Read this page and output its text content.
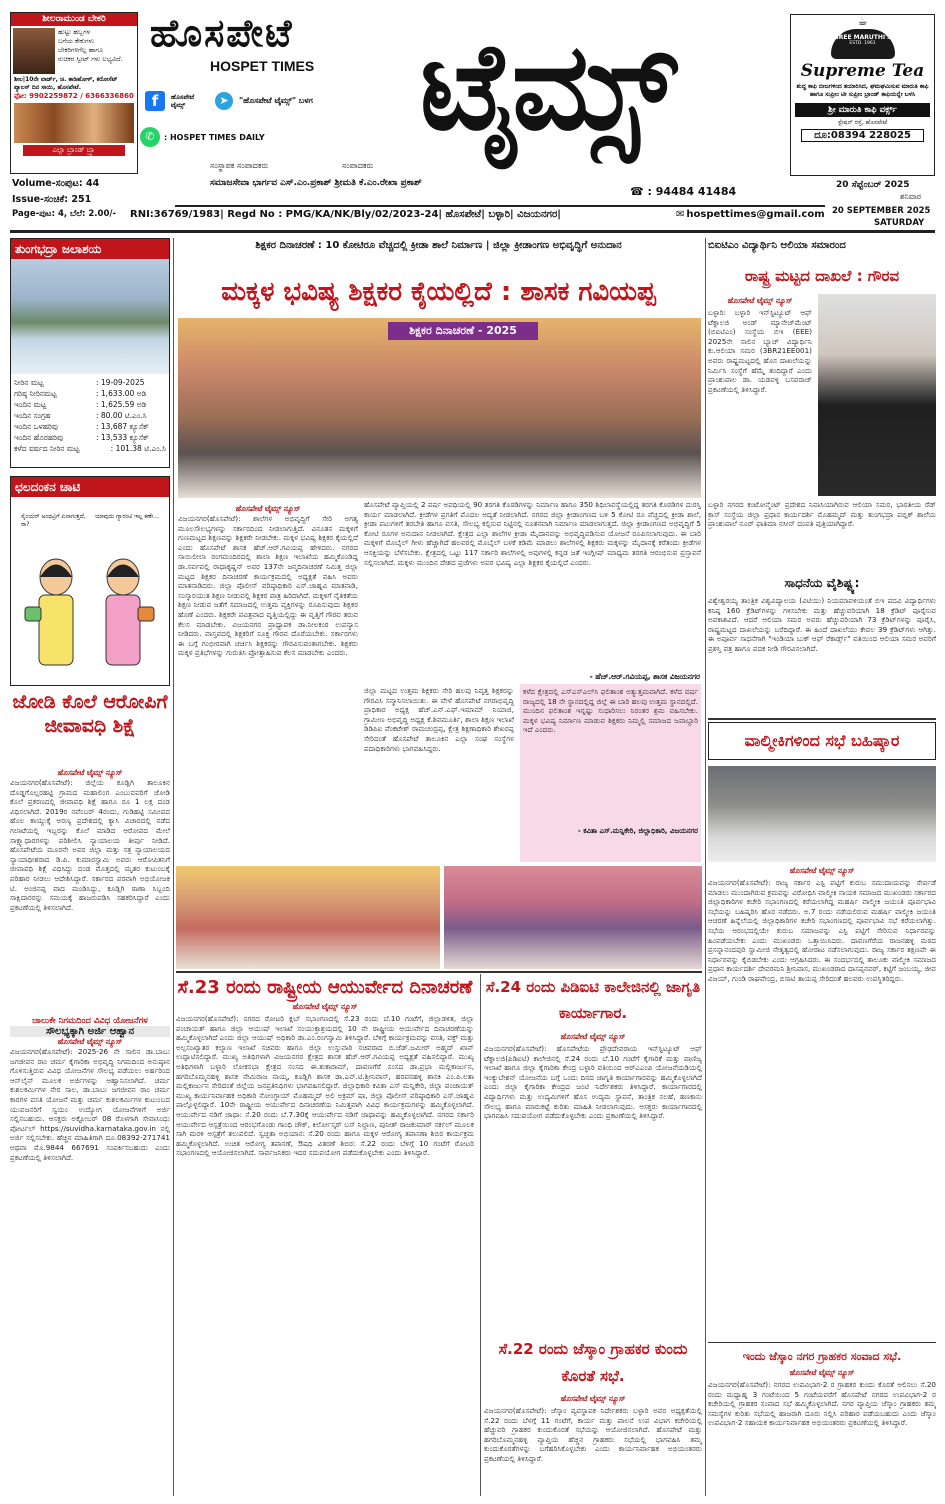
ಶೀಲರಾಮುಂಡ ಬೇಕರಿ
ಹುಟ್ಟು ಹಬ್ಬಗಳ
ಬಗೆಯ ಕೇಕುಗಳು
ಬೇಕರಿಗಳಿಗೆಲ್ಲ ಹಾಗೂ
ರುಚಿಕರ ಸ್ವೀಟ್ ಗಳು ಲಭ್ಯವಿದೆ.
ಶೀಲ|10ನೇ ವಾರ್ಡ್, ಚಿ. ಕಾಡಿಹೋಳ್, ಕರೋಸೆಟ್ ಪ್ಯಾಲಸ್ ದಿನ ಸಾಯಿ, ಹೊಸಪೇಟೆ.
ಫೋ: 9902259872 / 6366336860
ಎಲ್ಲಾ ಬ್ರಾಂಡ್ ಬ್ರ್ಯಾ
ಹೊಸಪೇಟೆ
HOSPET TIMES ಟೈಮ್ಸ್
f	ಹೊಸಪೇಟೆ ಟೈಮ್ಸ್	➤	"ಹೊಸಪೇಟೆ ಟೈಮ್ಸ್" ಬಳಗ
✆	: HOSPET TIMES DAILY
ಸಂಸ್ಥಾಪಕ ಸಂಪಾದಕರು	ಸಂಪಾದಕರು
☕
SREE MARUTHI's
ESTD. 1961
Supreme Tea
ಶುದ್ಧ ಕಾಫಿ ಬೀಜಗಳಿಂದ ತಯಾರಿಸಿದ, ಘಮಘಮಿಸುವ ಮಾರುತಿ ಕಾಫಿ ಹಾಗೂ ಸುಪ್ರೀಂ ಟೀ ಸುಪ್ರೀಂ ಬ್ರಾಂಡ್ ಕಾಫಿಯನ್ನೇ ಬಳಸಿ
ಶ್ರೀ ಮಾರುತಿ ಕಾಫಿ ವರ್ಕ್ಸ್
ಸ್ಟೇಷನ್ ರಸ್ತೆ, ಹೊಸಪೇಟೆ
ದೂ:08394 228025
Volume-ಸಂಪುಟ: 44	ಸಮಾಜಸೇವಾ ಭಾರ್ಗವ ಎಸ್.ಎಂ.ಪ್ರಕಾಶ್ ಶ್ರೀಮತಿ ಕೆ.ಎಂ.ರೇಖಾ ಪ್ರಕಾಶ್
☎ : 94484 41484	20 ಸೆಪ್ಟೆಂಬರ್ 2025
ಶನಿವಾರ
Issue-ಸಂಚಿಕೆ: 251
Page-ಪುಟ: 4, ಬೆಲೆ: 2.00/- RNI:36769/1983| Regd No : PMG/KA/NK/Bly/02/2023-24| ಹೊಸಪೇಟೆ| ಬಳ್ಳಾರಿ| ವಿಜಯನಗರ|	✉ hospettimes@gmail.com 20 SEPTEMBER 2025
SATURDAY
ತುಂಗಭದ್ರಾ ಜಲಾಶಯ
ನೀರಿನ ಮಟ್ಟ	: 19-09-2025
ಗರಿಷ್ಠ ನೀರಿನಮಟ್ಟ	: 1,633.00 ಅಡಿ
ಇಂದಿನ ಮಟ್ಟ	: 1,625.59 ಅಡಿ
ಇಂದಿನ ಸಂಗ್ರಹ	: 80.00 ಟಿ.ಎಂ.ಸಿ
ಇಂದಿನ ಒಳಹರಿವು	: 13,687 ಕ್ಯೂಸೆಕ್
ಇಂದಿನ ಹೊರಹರಿವು	: 13,533 ಕ್ಯೂಸೆಕ್
ಕಳೆದ ವರ್ಷದ ನೀರಿನ ಮಟ್ಟ	: 101.38 ಟಿ.ಎಂ.ಸಿ
ಛಲದಂಕನ ಚಾಟಿ
ಸೈಂಯರ್ ಅಂಥವ್ರಿಗೆ ಏನಾಗುತ್ತದೆ, ರಾ?
ಯಾವುದು ಗ್ಯಾರಂಟಿ ಇಲ್ಲ ಕಣೇ...
ಜೋಡಿ ಕೊಲೆ ಆರೋಪಿಗೆ ಜೀವಾವಧಿ ಶಿಕ್ಷೆ
ಹೊಸಪೇಟೆ ಟೈಮ್ಸ್ ನ್ಯೂಸ್
ವಿಜಯನಗರ(ಹೊಸಪೇಟೆ): ಜಿಲ್ಲೆಯ ಕೂಡ್ಲಿಗಿ ತಾಲೂಕಿನ ದೊಡ್ಡಗೊಲ್ಲರಹಟ್ಟಿ ಗ್ರಾಮದ ಮಹಾಲಿಂಗ ಎಂಬುವವರಿಗೆ ಜೋಡಿ ಕೊಲೆ ಪ್ರಕರಣದಲ್ಲಿ ಜೀವಾವಧಿ ಶಿಕ್ಷೆ ಹಾಗೂ ರೂ 1 ಲಕ್ಷ ದಂಡ ವಿಧಿಸಲಾಗಿದೆ. 2019ರ ನವೆಂಬರ್ 4ರಂದು, ಗುಡಿಹಟ್ಟಿ ಸಮೀಪದ ಹೊಲ ಕಾಯ್ದುಕ್ಕೆ ಅರಣ್ಯ ಪ್ರದೇಶದಲ್ಲಿ ಕ್ಯಾಸಿ ವಿಚಾರದಲ್ಲಿ ನಡೆದ ಗಲಾಟೆಯಲ್ಲಿ ಇಬ್ಬರನ್ನು ಕೊಲೆ ಮಾಡಿದ ಆರೋಪದ ಮೇಲೆ ಸಾಕ್ಷ್ಯಾಧಾರಗಳನ್ನು ಪರಿಶೀಲಿಸಿ ನ್ಯಾಯಾಲಯ ತೀರ್ಪು ನೀಡಿದೆ. ಹೊಸಪೇಟೆಯ ಮೂರನೇ ಅಪರ ಜಿಲ್ಲಾ ಮತ್ತು ಸತ್ರ ನ್ಯಾಯಾಲಯದ ನ್ಯಾಯಾಧೀಶರಾದ ಡಿ.ಪಿ. ಕುಮಾರಸ್ವಾಮಿ ಅವರು ಆರೋಪಿತನಿಗೆ ಜೀವಾವಧಿ ಶಿಕ್ಷೆ ವಿಧಿಸಿದ್ದು ದಂಡ ಮೊತ್ತದಲ್ಲಿ ಮೃತರ ಕುಟುಂಬಕ್ಕೆ ಪರಿಹಾರ ನೀಡಲು ಆದೇಶಿಸಿದ್ದಾರೆ. ಸರ್ಕಾರದ ಪರವಾಗಿ ಅಭಿಯೋಜಕ ಟಿ. ಅಂಜಿನಪ್ಪ ವಾದ ಮಂಡಿಸಿದ್ದು, ಕೂಡ್ಲಿಗಿ ಠಾಣಾ ಸಿಬ್ಬಂದಿ ಸಾಕ್ಷಿದಾರರನ್ನು ಸಮಯಕ್ಕೆ ಹಾಜರುಪಡಿಸಿ ಸಹಕರಿಸಿದ್ದಾರೆ ಎಂದು ಪ್ರಕಟಣೆಯಲ್ಲಿ ತಿಳಿಸಲಾಗಿದೆ.
ಚಾಲುಕೇ ನಿಗಮದಿಂದ ವಿವಿಧ ಯೋಜನೆಗಳ
ಸೌಲಭ್ಯಕ್ಕಾಗಿ ಅರ್ಜಿ ಆಹ್ವಾನ
ಹೊಸಪೇಟೆ ಟೈಮ್ಸ್ ನ್ಯೂಸ್
ವಿಜಯನಗರ(ಹೊಸಪೇಟೆ): 2025-26 ನೇ ಸಾಲಿನ ಡಾ.ಬಾಬು ಜಗಜೀವನ ರಾಂ ಚರ್ಮ ಕೈಗಾರಿಕಾ ಅಭಿವೃದ್ಧಿ ನಿಗಮದಿಂದ ಅನುಷ್ಠಾನ ಗೊಳಿಸುತ್ತಿರುವ ವಿವಿಧ ಯೋಜನೆಗಳ ಸೌಲಭ್ಯ ಪಡೆಯಲು ಅರ್ಹರಿಂದ ಆನ್‌ಲೈನ್ ಮೂಲಕ ಅರ್ಜಿಗಳನ್ನು ಆಹ್ವಾನಿಸಲಾಗಿದೆ. ಚರ್ಮ ಕುಶಲಕರ್ಮಿಗಳ ನೇರ ಸಾಲ, ಡಾ.ಬಾಬು ಜಗಜೀವನ ರಾಂ ಚರ್ಮ ಕಾರಗಳ ವಸತಿ ಯೋಜನೆ ಮತ್ತು ಚರ್ಮ ಕುಶಲಕರ್ಮಿಗಳ ಕುಟುಂಬದ ಯುವಜನರಿಗೆ ಸ್ವಯಂ ಉದ್ಯೋಗ ಯೋಜನೆಗಳಿಗೆ ಅರ್ಜಿ ಸಲ್ಲಿಸಬಹುದು. ಆಸಕ್ತರು ಅಕ್ಟೋಬರ್ 08 ರೊಳಗಾಗಿ ಸೇವಾಸಿಂಧು ಪೋರ್ಟಲ್ https://suvidha.karnataka.gov.in ನಲ್ಲಿ ಅರ್ಜಿ ಸಲ್ಲಿಸಬೇಕು. ಹೆಚ್ಚಿನ ಮಾಹಿತಿಗಾಗಿ ದೂ.08392-271741 ಅಥವಾ ಮೊ.9844 667691 ಸಂಪರ್ಕಿಸಬಹುದು ಎಂದು ಪ್ರಕಟಣೆಯಲ್ಲಿ ತಿಳಿಸಲಾಗಿದೆ.
ಶಿಕ್ಷಕರ ದಿನಾಚರಣೆ : 10 ಕೋಟಿರೂ ವೆಚ್ಚದಲ್ಲಿ ಕ್ರೀಡಾ ಶಾಲೆ ನಿರ್ಮಾಣ | ಜಿಲ್ಲಾ ಕ್ರೀಡಾಂಗಣ ಅಭಿವೃದ್ಧಿಗೆ ಅನುದಾನ
ಮಕ್ಕಳ ಭವಿಷ್ಯ ಶಿಕ್ಷಕರ ಕೈಯಲ್ಲಿದೆ : ಶಾಸಕ ಗವಿಯಪ್ಪ
ಶಿಕ್ಷಕರ ದಿನಾಚರಣೆ - 2025
ಹೊಸಪೇಟೆ ಟೈಮ್ಸ್ ನ್ಯೂಸ್
ವಿಜಯನಗರ(ಹೊಸಪೇಟೆ): ಶಾಲೆಗಳ ಅಭಿವೃದ್ಧಿಗೆ ಸೇರಿ ಅಗತ್ಯ ಮೂಲಸೌಲಭ್ಯಗಳನ್ನು ಸರ್ಕಾರದಿಂದ ನೀಡಲಾಗುತ್ತಿದೆ. ವಿನೂತನ ಮಕ್ಕಳಿಗೆ ಗುಣಮಟ್ಟದ ಶಿಕ್ಷಣವನ್ನು ಶಿಕ್ಷಕರೇ ನೀಡಬೇಕು. ಮಕ್ಕಳ ಭವಿಷ್ಯ ಶಿಕ್ಷಕರ ಕೈಯಲ್ಲಿದೆ ಎಂದು ಹೊಸಪೇಟೆ ಶಾಸಕ ಹೆಚ್.ಆರ್.ಗವಿಯಪ್ಪ ಹೇಳಿದರು. ನಗರದ ಸಾಯಿಲೀಲಾ ರಂಗಮಂದಿರದಲ್ಲಿ ಶಾಲಾ ಶಿಕ್ಷಣ ಇಲಾಖೆಯ ಹಮ್ಮಿಕೊಂಡಿದ್ದ ಡಾ.ಸರ್ವಪಲ್ಲಿ ರಾಧಾಕೃಷ್ಣನ್ ಅವರ 137ನೇ ಜನ್ಮದಿನಾಚರಣೆ ನಿಮಿತ್ತ ಜಿಲ್ಲಾ ಮಟ್ಟದ ಶಿಕ್ಷಕರ ದಿನಾಚರಣೆ ಕಾರ್ಯಕ್ರಮದಲ್ಲಿ ಅಧ್ಯಕ್ಷತೆ ವಹಿಸಿ ಅವರು ಮಾತನಾಡಿದರು. ಜಿಲ್ಲಾ ಪೊಲೀಸ್ ವರಿಷ್ಠಾಧಿಕಾರಿ ಎಸ್.ಜಾಹ್ನವಿ ಮಾತನಾಡಿ, ಸಂಸ್ಕಾರಯುತ ಶಿಕ್ಷಣ ನೀಡುವಲ್ಲಿ ಶಿಕ್ಷಕರ ಪಾತ್ರ ಹಿರಿದಾಗಿದೆ. ಮಕ್ಕಳಿಗೆ ನೈತಿಕತೆಯ ಶಿಕ್ಷಣ ನೀಡುವ ಜತೆಗೆ ಸಮಾಜದಲ್ಲಿ ಉತ್ತಮ ವ್ಯಕ್ತಿಗಳನ್ನು ರೂಪಿಸುವುದು ಶಿಕ್ಷಕರ ಹೊಣೆ ಎಂದರು. ಶಿಕ್ಷಕರೇ ಪವಿತ್ರವಾದ ವೃತ್ತಿಯಲ್ಲಿದ್ದು ಈ ವೃತ್ತಿಗೆ ಗೌರವ ತರುವ ಕೆಲಸ ಮಾಡಬೇಕು. ವಿಜಯನಗರ ಪ್ರಾಧ್ಯಾಪಕ ಡಾ.ನೀಲಕಂಠ ಉಪನ್ಯಾಸ ನೀಡಿದರು. ವಾಸ್ತವದಲ್ಲಿ ಶಿಕ್ಷಕರಿಗೆ ಸೂಕ್ತ ಗೌರವ ದೊರೆಯಬೇಕು. ಸರ್ಕಾರಗಳು ಈ ಬಗ್ಗೆ ಗಂಭೀರವಾಗಿ ಚರ್ಚಿಸಿ ಶಿಕ್ಷಕರನ್ನು ಗೌರವಿಸುವಂತಾಗಬೇಕು. ಶಿಕ್ಷಕರು ಮಕ್ಕಳ ಪ್ರತಿಭೆಗಳನ್ನು ಗುರುತಿಸಿ ಪ್ರೋತ್ಸಾಹಿಸುವ ಕೆಲಸ ಮಾಡಬೇಕು ಎಂದರು.
ಹೊಸಪೇಟೆ ವ್ಯಾಪ್ತಿಯಲ್ಲಿ 2 ವರ್ಷ ಅವಧಿಯಲ್ಲಿ 90 ತರಗತಿ ಕೊಠಡಿಗಳನ್ನು ನಿರ್ಮಾಣ ಹಾಗೂ 350 ಶಿಥಿಲಾವಸ್ಥೆಯಲ್ಲಿದ್ದ ತರಗತಿ ಕೊಠಡಿಗಳ ದುರಸ್ತಿ ಕಾರ್ಯ ಮಾಡಲಾಗಿದೆ. ಕ್ರೀಡೆಗಳ ಪ್ರಗತಿಗೆ ಮೊದಲ ಆದ್ಯತೆ ನೀಡಲಾಗಿದೆ. ನಗರದ ಜಿಲ್ಲಾ ಕ್ರೀಡಾಂಗಣದ ಬಳಿ 5 ಕೋಟಿ ರೂ ವೆಚ್ಚದಲ್ಲಿ ಕ್ರೀಡಾ ಶಾಲೆ, ಕ್ರೀಡಾ ಪಟುಗಳಿಗೆ ತರಬೇತಿ ಹಾಗೂ ವಸತಿ, ಸೌಲಭ್ಯ ಕಲ್ಪಿಸುವ ನಿಟ್ಟಿನಲ್ಲಿ ನೂತನವಾಗಿ ನಿರ್ಮಾಣ ಮಾಡಲಾಗುತ್ತದೆ. ಜಿಲ್ಲಾ ಕ್ರೀಡಾಂಗಣದ ಅಭಿವೃದ್ಧಿಗೆ 5 ಕೋಟಿ ರೂಗಳ ಅನುದಾನ ನೀಡಲಾಗಿದೆ. ಕ್ಷೇತ್ರದ ಎಲ್ಲಾ ಶಾಲೆಗಳ ಕ್ರೀಡಾ ಮೈದಾನವನ್ನು ಅಭಿವೃದ್ಧಿಪಡಿಸುವ ಯೋಜನೆ ರೂಪಿಸಲಾಗುವುದು. ಈ ಬಾರಿ ಮಕ್ಕಳಿಗೆ ಮೊಬೈಲ್ ಗೀಳು ಹೆಚ್ಚಾಗಿದೆ ಹಲವರಲ್ಲಿ ಮೊಬೈಲ್ ಬಳಕೆ ಕಡಿಮೆ ಮಾಡಲು ಶಾಲೆಗಳಲ್ಲಿ ಶಿಕ್ಷಕರು ಮಕ್ಕಳನ್ನು ಮೈದಾನಕ್ಕೆ ಕರೆತಂದು ಕ್ರೀಡೆಗಳ ಆಸಕ್ತಿಯನ್ನು ಬೆಳೆಸಬೇಕು. ಕ್ಷೇತ್ರದಲ್ಲಿ ಒಟ್ಟು 117 ಸರ್ಕಾರಿ ಶಾಲೆಗಳಲ್ಲಿ ಅವುಗಳಲ್ಲಿ ಕನ್ನಡ ಜತೆ ಇಂಗ್ಲೀಷ್ ಮಾಧ್ಯಮ ತರಗತಿ ಆರಂಭಿಸುವ ಪ್ರಸ್ತಾವನೆ ಸಲ್ಲಿಸಲಾಗಿದೆ. ಮಕ್ಕಳು ಮುಂದಿನ ದೇಶದ ಪ್ರಜೆಗಳು ಅವರ ಭವಿಷ್ಯ ಎಲ್ಲಾ ಶಿಕ್ಷಕರ ಕೈಯಲ್ಲಿದೆ ಎಂದರು.
- ಹೆಚ್.ಆರ್.ಗವಿಯಪ್ಪ, ಶಾಸಕ ವಿಜಯನಗರ
ಜಿಲ್ಲಾ ಮಟ್ಟದ ಉತ್ತಮ ಶಿಕ್ಷಕರು ಸೇರಿ ಹಲವು ನಿವೃತ್ತ ಶಿಕ್ಷಕರನ್ನು ಗೌರವಿಸಿ ಸನ್ಮಾನಿಸಲಾಯಿತು. ಈ ವೇಳೆ ಹೊಸಪೇಟೆ ನಗರಾಭಿವೃದ್ಧಿ ಪ್ರಾಧಿಕಾರ ಅಧ್ಯಕ್ಷ ಹೆಚ್.ಎನ್.ಎಫ್.ಇಮಾಮ್ ನಿಯಾಜಿ, ಗ್ರಾಮೀಣ ಅಭಿವೃದ್ಧಿ ಅಧ್ಯಕ್ಷ ಕೆ.ಶಿವಮೂರ್ತಿ, ಶಾಲಾ ಶಿಕ್ಷಣ ಇಲಾಖೆ ಡಿಡಿಪಿಐ ವೆಂಕಟೇಶ್ ರಾಮಚಂದ್ರಪ್ಪ, ಕ್ಷೇತ್ರ ಶಿಕ್ಷಣಾಧಿಕಾರಿ ಶೇಖರಪ್ಪ ಸೇರಿದಂತೆ ಹೊಸಪೇಟೆ ತಾಲೂಕಿನ ಎಲ್ಲಾ ಸಂಘ ಸಂಸ್ಥೆಗಳ ಪದಾಧಿಕಾರಿಗಳು ಭಾಗವಹಿಸಿದ್ದರು.
ಕಳೆದ ಕ್ಷೇತ್ರದಲ್ಲಿ ಎಸ್ಎಸ್ಎಲ್‌ಸಿ ಫಲಿತಾಂಶ ಅತ್ಯುತ್ತಮವಾಗಿದೆ. ಕಳೆದ ವರ್ಷ ರಾಜ್ಯದಲ್ಲಿ 18 ನೇ ಸ್ಥಾನದಲ್ಲಿದ್ದ ಜಿಲ್ಲೆ ಈ ಬಾರಿ ಹಲವು ಉತ್ತಮ ಸ್ಥಾನದಲ್ಲಿದೆ. ಮುಂದಿನ ಫಲಿತಾಂಶ ಇನ್ನಷ್ಟು ಸುಧಾರಿಸಲು ನಿರಂತರ ಶ್ರಮ ವಹಿಸಬೇಕು. ಮಕ್ಕಳ ಭವಿಷ್ಯ ನಿರ್ಮಾಣ ಮಾಡುವ ಶಿಕ್ಷಕರು ನಿಮ್ಮಲ್ಲಿ ಸಮಾಜದ ಜವಾಬ್ದಾರಿ ಇದೆ ಎಂದರು.
- ಕವಿತಾ ಎಸ್.ಮನ್ನಿಕೇರಿ, ಜಿಲ್ಲಾಧಿಕಾರಿ, ವಿಜಯನಗರ
ಸೆ.23 ರಂದು ರಾಷ್ಟ್ರೀಯ ಆಯುರ್ವೇದ ದಿನಾಚರಣೆ
ಹೊಸಪೇಟೆ ಟೈಮ್ಸ್ ನ್ಯೂಸ್
ವಿಜಯನಗರ(ಹೊಸಪೇಟೆ): ನಗರದ ರೋಟರಿ ಕ್ಲಬ್ ಸಭಾಂಗಣದಲ್ಲಿ ಸೆ.23 ರಂದು ಬೆ.10 ಗಂಟೆಗೆ, ಜಿಲ್ಲಾಡಳಿತ, ಜಿಲ್ಲಾ ಪಂಚಾಯತ್ ಹಾಗೂ ಜಿಲ್ಲಾ ಆಯುಷ್ ಇಲಾಖೆ ಸಂಯುಕ್ತಾಶ್ರಯದಲ್ಲಿ 10 ನೇ ರಾಷ್ಟ್ರೀಯ ಆಯುರ್ವೇದ ದಿನಾಚರಣೆಯನ್ನು ಹಮ್ಮಿಕೊಳ್ಳಲಾಗಿದೆ ಎಂದು ಜಿಲ್ಲಾ ಆಯುಷ್ ಅಧಿಕಾರಿ ಡಾ.ಎಂ.ರಂಗಸ್ವಾಮಿ ತಿಳಿಸಿದ್ದಾರೆ. ಬೆಳಿಗ್ಗೆ ಕಾರ್ಯಕ್ರಮವನ್ನು ವಸತಿ, ವಕ್ಫ್ ಮತ್ತು ಅಲ್ಪಸಂಖ್ಯಾತರ ಕಲ್ಯಾಣ ಇಲಾಖೆ ಸಚಿವರು ಹಾಗೂ ಜಿಲ್ಲಾ ಉಸ್ತುವಾರಿ ಸಚಿವರಾದ ಬಿ.ಜೆಡ್.ಜಮೀರ್ ಅಹ್ಮದ್ ಖಾನ್ ಉದ್ಘಾಟಿಸಲಿದ್ದಾರೆ. ಮುಖ್ಯ ಅತಿಥಿಗಳಾಗಿ ವಿಜಯನಗರ ಕ್ಷೇತ್ರದ ಶಾಸಕ ಹೆಚ್.ಆರ್.ಗವಿಯಪ್ಪ ಅಧ್ಯಕ್ಷತೆ ವಹಿಸಲಿದ್ದಾರೆ. ಮುಖ್ಯ ಅತಿಥಿಗಳಾಗಿ ಬಳ್ಳಾರಿ ಲೋಕಸಭಾ ಕ್ಷೇತ್ರದ ಸಂಸದ ಈ.ತುಕಾರಾಮ್, ದಾವಣಗೆರೆ ಸಂಸದ ಡಾ.ಪ್ರಭಾ ಮಲ್ಲಿಕಾರ್ಜುನ, ಹಗರಿಬೊಮ್ಮನಹಳ್ಳಿ ಶಾಸಕ ನೇಮಿರಾಜ ನಾಯ್ಕ, ಕೂಡ್ಲಿಗಿ ಶಾಸಕ ಡಾ.ಎನ್.ಟಿ.ಶ್ರೀನಿವಾಸ್, ಹರಪನಹಳ್ಳಿ ಶಾಸಕಿ ಎಂ.ಪಿ.ಲತಾ ಮಲ್ಲಿಕಾರ್ಜುನ ಸೇರಿದಂತೆ ಜಿಲ್ಲೆಯ ಜನಪ್ರತಿನಿಧಿಗಳು ಭಾಗವಹಿಸಲಿದ್ದಾರೆ. ಜಿಲ್ಲಾಧಿಕಾರಿ ಕವಿತಾ ಎಸ್ ಮನ್ನಿಕೇರಿ, ಜಿಲ್ಲಾ ಪಂಚಾಯತ್ ಮುಖ್ಯ ಕಾರ್ಯನಿರ್ವಾಹಕ ಅಧಿಕಾರಿ ನೋಂಗ್ಜಾಯ್ ಮೊಹಮ್ಮದ್ ಅಲಿ ಅಕ್ರಮ್ ಷಾ, ಜಿಲ್ಲಾ ಪೊಲೀಸ್ ವರಿಷ್ಠಾಧಿಕಾರಿ ಎಸ್.ಜಾಹ್ನವಿ ಪಾಲ್ಗೊಳ್ಳಲಿದ್ದಾರೆ. 10ನೇ ರಾಷ್ಟ್ರೀಯ ಆಯುರ್ವೇದ ದಿನಾಚರಣೆಯ ನಿಮಿತ್ತವಾಗಿ ವಿವಿಧ ಕಾರ್ಯಕ್ರಮಗಳನ್ನು ಹಮ್ಮಿಕೊಳ್ಳಲಾಗಿದೆ. ಆಯುರ್ವೇದ ನಡಿಗೆ ಜಾಥಾ: ಸೆ.20 ರಂದು ಬೆ.7.30ಕ್ಕೆ ಆಯುರ್ವೇದ ನಡಿಗೆ ಜಾಥಾವನ್ನು ಹಮ್ಮಿಕೊಳ್ಳಲಾಗಿದೆ. ನಗರದ ಸರ್ಕಾರಿ ಆಯುರ್ವೇದ ಆಸ್ಪತ್ರೆಯಿಂದ ಆರಂಭಗೊಂಡು ಗಾಂಧಿ ಚೌಕ್, ಕಿರ್ಲೋಸ್ಕರ್ ಬಸ್ ನಿಲ್ದಾಣ, ಪುನೀತ್ ರಾಜಕುಮಾರ್ ಸರ್ಕಲ್ ಮೂಲಕ ಸಾಗಿ ಮರಳಿ ಆಸ್ಪತ್ರೆಗೆ ತಲುಪಲಿದೆ. ಸ್ವಚ್ಛತಾ ಅಭಿಯಾನ: ಸೆ.20 ರಂದು ಹಾಗೂ ಮಕ್ಕಳ ಆರೋಗ್ಯ ತಪಾಸಣಾ ಶಿಬಿರ ಕಾರ್ಯಕ್ರಮ ಹಮ್ಮಿಕೊಳ್ಳಲಾಗಿದೆ. ಉಚಿತ ಆರೋಗ್ಯ ತಪಾಸಣೆ, ಔಷಧಿ ವಿತರಣೆ ಶಿಬಿರ: ಸೆ.22 ರಂದು ಬೆಳಿಗ್ಗೆ 10 ಗಂಟೆಗೆ ರೋಟರಿ ಸಭಾಂಗಣದಲ್ಲಿ ಆಯೋಜಿಸಲಾಗಿದೆ. ಸಾರ್ವಜನಿಕರು ಇದರ ಸದುಪಯೋಗ ಪಡೆದುಕೊಳ್ಳಬೇಕು ಎಂದು ತಿಳಿಸಿದ್ದಾರೆ.
ಸೆ.24 ರಂದು ಪಿಡಿಐಟಿ ಕಾಲೇಜಿನಲ್ಲಿ ಜಾಗೃತಿ ಕಾರ್ಯಾಗಾರ.
ಹೊಸಪೇಟೆ ಟೈಮ್ಸ್ ನ್ಯೂಸ್
ವಿಜಯನಗರ(ಹೊಸಪೇಟೆ): ಹೊಸಪೇಟೆಯ ಪ್ರೌಢದೇವರಾಯ ಇನ್‌ಸ್ಟಿಟ್ಯೂಟ್ ಆಫ್ ಟೆಕ್ನಾಲಜಿ(ಪಿಡಿಐಟಿ) ಕಾಲೇಜಿನಲ್ಲಿ ಸೆ.24 ರಂದು ಬೆ.10 ಗಂಟೆಗೆ ಕೈಗಾರಿಕೆ ಮತ್ತು ವಾಣಿಜ್ಯ ಇಲಾಖೆ ಹಾಗೂ ಜಿಲ್ಲಾ ಕೈಗಾರಿಕಾ ಕೇಂದ್ರ ಬಳ್ಳಾರಿ ವತಿಯಿಂದ ಆರ್‌ಎಎಂಪಿ ಯೋಜನೆಯಡಿಯಲ್ಲಿ ಇಂಕ್ಯುಬೇಶನ್ ಯೋಜನೆಯ ಬಗ್ಗೆ ಒಂದು ದಿನದ ಜಾಗೃತಿ ಕಾರ್ಯಾಗಾರವನ್ನು ಹಮ್ಮಿಕೊಳ್ಳಲಾಗಿದೆ ಎಂದು ಜಿಲ್ಲಾ ಕೈಗಾರಿಕಾ ಕೇಂದ್ರದ ಜಂಟಿ ನಿರ್ದೇಶಕರು ತಿಳಿಸಿದ್ದಾರೆ. ಕಾರ್ಯಾಗಾರದಲ್ಲಿ ವಿದ್ಯಾರ್ಥಿಗಳು ಮತ್ತು ಉದ್ಯಮಿಗಳಿಗೆ ಹೊಸ ಉದ್ಯಮ ಸ್ಥಾಪನೆ, ತಾಂತ್ರಿಕ ಸಲಹೆ, ಹಣಕಾಸು ಸೌಲಭ್ಯ ಹಾಗೂ ಮಾರುಕಟ್ಟೆ ಕುರಿತು ಮಾಹಿತಿ ನೀಡಲಾಗುವುದು. ಆಸಕ್ತರು ಕಾರ್ಯಾಗಾರದಲ್ಲಿ ಭಾಗವಹಿಸಿ ಸದುಪಯೋಗ ಪಡೆದುಕೊಳ್ಳಬೇಕು ಎಂದು ಪ್ರಕಟಣೆಯಲ್ಲಿ ತಿಳಿಸಿದ್ದಾರೆ.
ಸೆ.22 ರಂದು ಜೆಸ್ಕಾಂ ಗ್ರಾಹಕರ ಕುಂದು ಕೊರತೆ ಸಭೆ.
ಹೊಸಪೇಟೆ ಟೈಮ್ಸ್ ನ್ಯೂಸ್
ವಿಜಯನಗರ(ಹೊಸಪೇಟೆ): ಜೆಸ್ಕಾಂ ವ್ಯವಸ್ಥಾಪಕ ನಿರ್ದೇಶಕರು ಬಳ್ಳಾರಿ ಅವರ ಅಧ್ಯಕ್ಷತೆಯಲ್ಲಿ ಸೆ.22 ರಂದು ಬೆಳಗ್ಗೆ 11 ಗಂಟೆಗೆ, ಕಾರ್ಯ ಮತ್ತು ಪಾಲನೆ ಉಪ ವಿಭಾಗ ಕಚೇರಿಯಲ್ಲಿ ಹೆಚ್ಚುವರಿ ಗ್ರಾಹಕರ ಕುಂದುಕೊರತೆ ಸಭೆಯನ್ನು ಆಯೋಜಿಸಲಾಗಿದೆ. ಹೊಸಪೇಟೆ ಮತ್ತು ಹಗರಿಬೊಮ್ಮನಹಳ್ಳಿ ವ್ಯಾಪ್ತಿಯ ಹೆಚ್ಚಿನ ಗ್ರಾಹಕರು ಸಭೆಯಲ್ಲಿ ಭಾಗವಹಿಸಿ ತಮ್ಮ ಕುಂದುಕೊರತೆಗಳನ್ನು ಬಗೆಹರಿಸಿಕೊಳ್ಳಬೇಕು ಎಂದು ಕಾರ್ಯನಿರ್ವಾಹಕ ಅಭಿಯಂತರರು ಪ್ರಕಟಣೆಯಲ್ಲಿ ತಿಳಿಸಿದ್ದಾರೆ.
ಬಿಐಟಿಎಂ ವಿದ್ಯಾರ್ಥಿನಿ ಆಲಿಯಾ ಸಮಾರಂದ
ರಾಷ್ಟ್ರ ಮಟ್ಟದ ದಾಖಲೆ : ಗೌರವ
ಹೊಸಪೇಟೆ ಟೈಮ್ಸ್ ನ್ಯೂಸ್
ಬಳ್ಳಾರಿ: ಬಳ್ಳಾರಿ ಇನ್‌ಸ್ಟಿಟ್ಯೂಟ್ ಆಫ್ ಟೆಕ್ನಾಲಜಿ ಅಂಡ್ ಮ್ಯಾನೇಜ್‌ಮೆಂಟ್ (ಬಿಐಟಿಎಂ) ಸಂಸ್ಥೆಯ ಬಿಇ (EEE) 2025ನೇ ಸಾಲಿನ ಬ್ಯಾಚ್ ವಿದ್ಯಾರ್ಥಿನಿ ಕು.ಆಲಿಯಾ ಸಮರ (3BR21EE001) ಅವರು ರಾಷ್ಟ್ರಮಟ್ಟದಲ್ಲಿ ಹೊಸ ದಾಖಲೆಯನ್ನು ನಿರ್ಮಿಸಿ ಸಂಸ್ಥೆಗೆ ಹೆಮ್ಮೆ ತಂದಿದ್ದಾರೆ ಎಂದು ಪ್ರಾಂಶುಪಾಲ ಡಾ. ಯಡವಳ್ಳಿ ಬಸವರಾಜ್ ಪ್ರಕಟಣೆಯಲ್ಲಿ ತಿಳಿಸಿದ್ದಾರೆ.
ಬಳ್ಳಾರಿ ನಗರದ ಕಂಟೋನ್ಮೆಂಟ್ ಪ್ರದೇಶದ ನಿವಾಸಿಯಾಗಿರುವ ಆಲಿಯಾ ಸಮರ, ಭಾರತೀಯ ರೆಡ್ ಕ್ರಾಸ್ ಸಂಸ್ಥೆಯ ಜಿಲ್ಲಾ ಪ್ರಧಾನ ಕಾರ್ಯದರ್ಶಿ ಮೊಹಮ್ಮದ್ ಮತ್ತು ತುಂಗಭದ್ರಾ ಪಬ್ಲಿಕ್ ಶಾಲೆಯ ಪ್ರಾಂಶುಪಾಲೆ ನೂರ್ ಫಾತಿಮಾ ನಸೀನ್ ದಂಪತಿ ಪುತ್ರಿಯಾಗಿದ್ದಾರೆ.
ಸಾಧನೆಯ ವೈಶಿಷ್ಟ್ಯ:
ವಿಶ್ವೇಶ್ವರಯ್ಯ ತಾಂತ್ರಿಕ ವಿಶ್ವವಿದ್ಯಾಲಯ (ವಿಟಿಯು) ನಿಯಮಾವಳಿಯಂತೆ ಬಿಇ ಪದವಿ ವಿದ್ಯಾರ್ಥಿಗಳು ಕನಿಷ್ಠ 160 ಕ್ರೆಡಿಟ್‌ಗಳನ್ನು ಗಳಿಸಬೇಕು ಮತ್ತು ಹೆಚ್ಚುವರಿಯಾಗಿ 18 ಕ್ರೆಡಿಟ್ ಪೂರೈಸುವ ಅವಕಾಶವಿದೆ. ಆದರೆ ಆಲಿಯಾ ಸಮರ ಅವರು ಹೆಚ್ಚುವರಿಯಾಗಿ 73 ಕ್ರೆಡಿಟ್‌ಗಳನ್ನು ಪೂರೈಸಿ, ರಾಷ್ಟ್ರಮಟ್ಟದ ದಾಖಲೆಯನ್ನು ಬರೆದಿದ್ದಾರೆ. ಈ ಹಿಂದೆ ದಾಖಲೆಯು ಕೇವಲ 39 ಕ್ರೆಡಿಟ್‌ಗಳು ಆಗಿತ್ತು. ಈ ಅಪೂರ್ವ ಸಾಧನೆಗಾಗಿ "ಇಂಡಿಯಾ ಬುಕ್ ಆಫ್ ರೆಕಾರ್ಡ್ಸ್" ವತಿಯಿಂದ ಆಲಿಯಾ ಸಮರ ಅವರಿಗೆ ಪ್ರಶಸ್ತಿ ಪತ್ರ ಹಾಗೂ ಪದಕ ನೀಡಿ ಗೌರವಿಸಲಾಗಿದೆ.
ವಾಲ್ಮೀಕಿಗಳಿಂದ ಸಭೆ ಬಹಿಷ್ಕಾರ
ಹೊಸಪೇಟೆ ಟೈಮ್ಸ್ ನ್ಯೂಸ್
ವಿಜಯನಗರ(ಹೊಸಪೇಟೆ): ರಾಜ್ಯ ಸರ್ಕಾರ ಎಸ್ಟಿ ಪಟ್ಟಿಗೆ ಕುರುಬ ಸಮುದಾಯವನ್ನು ಸೇರ್ಪಡೆ ಮಾಡಲು ಮುಂದಾಗಿರುವ ಕ್ರಮವನ್ನು ವಿರೋಧಿಸಿ ವಾಲ್ಮೀಕಿ ನಾಯಕ ಸಮಾಜದ ಮುಖಂಡರು ಸರ್ಕಾರದ ಜಿಲ್ಲಾಧಿಕಾರಿಗಳ ಕಚೇರಿ ಸಭಾಂಗಣದಲ್ಲಿ ಕರೆಯಲಾಗಿದ್ದ ಮಹರ್ಷಿ ವಾಲ್ಮೀಕಿ ಜಯಂತಿ ಪೂರ್ವಭಾವಿ ಸಭೆಯನ್ನು ಬಹಿಷ್ಕರಿಸಿ ಹೊರ ನಡೆದರು. ಅ.7 ರಂದು ನಡೆಯಲಿರುವ ಮಹರ್ಷಿ ವಾಲ್ಮೀಕಿ ಜಯಂತಿ ಆಚರಣೆ ಹಿನ್ನೆಲೆಯಲ್ಲಿ ಜಿಲ್ಲಾಧಿಕಾರಿಗಳ ಕಚೇರಿ ಸಭಾಂಗಣದಲ್ಲಿ ಪೂರ್ವಭಾವಿ ಸಭೆ ಕರೆಯಲಾಗಿತ್ತು. ಸಭೆಯ ಆರಂಭದಲ್ಲಿಯೇ ಕುರುಬ ಸಮಾಜವನ್ನು ಎಸ್ಟಿ ಪಟ್ಟಿಗೆ ಸೇರಿಸುವ ನಿರ್ಧಾರವನ್ನು ಹಿಂಪಡೆಯಬೇಕು ಎಂದು ಮುಖಂಡರು ಒತ್ತಾಯಿಸಿದರು. ದಾವಣಗೆರೆಯ ರಾಜನಹಳ್ಳಿ ಮಠದ ಪ್ರಸನ್ನಾನಂದಪುರಿ ಸ್ವಾಮೀಜಿ ನೇತೃತ್ವದಲ್ಲಿ ಹೋರಾಟ ನಡೆಸಲಾಗುವುದು. ರಾಜ್ಯ ಸರ್ಕಾರ ತಕ್ಷಣವೇ ಈ ನಿರ್ಧಾರವನ್ನು ಕೈಬಿಡಬೇಕು ಎಂದು ಆಗ್ರಹಿಸಿದರು. ಈ ಸಂದರ್ಭದಲ್ಲಿ ತಾಲೂಕು ವಾಲ್ಮೀಕಿ ಸಮಾಜದ ಪ್ರಧಾನ ಕಾರ್ಯದರ್ಶಿ ದೇವರಮನಿ ಶ್ರೀನಿವಾಸ, ಮುಖಂಡರಾದ ದಾಸಪ್ಪನವರ್, ಕಟ್ಟಿಗೆ ಜಂಬಯ್ಯ, ಜೀವ ವಿಜಯ್, ಗುಂಡಿ ರಾಘವೇಂದ್ರ, ಬಿಸಾಟಿ ತಾಯಪ್ಪ ಸೇರಿದಂತೆ ಹಲವರು ಉಪಸ್ಥಿತರಿದ್ದರು.
ಇಂದು ಜೆಸ್ಕಾಂ ನಗರ ಗ್ರಾಹಕರ ಸಂವಾದ ಸಭೆ.
ಹೊಸಪೇಟೆ ಟೈಮ್ಸ್ ನ್ಯೂಸ್
ವಿಜಯನಗರ(ಹೊಸಪೇಟೆ): ನಗರದ ಉಪವಿಭಾಗ-2 ರ ಗ್ರಾಹಕರ ಕುಂದು ಕೊರತೆ ಆಲಿಸಲು ಸೆ.20 ರಂದು ಮಧ್ಯಾಹ್ನ 3 ಗಂಟೆಯಿಂದ 5 ಗಂಟೆಯವರೆಗೆ ಹೊಸಪೇಟೆ ನಗರದ ಉಪವಿಭಾಗ-2 ರ ಕಚೇರಿಯಲ್ಲಿ ಗ್ರಾಹಕರ ಸಂವಾದ ಸಭೆ ಹಮ್ಮಿಕೊಳ್ಳಲಾಗಿದೆ. ನಗರ ವ್ಯಾಪ್ತಿಯ ಜೆಸ್ಕಾಂ ಗ್ರಾಹಕರು ತಮ್ಮ ಸಮಸ್ಯೆಗಳ ಕುರಿತು ಸಭೆಯಲ್ಲಿ ಹಾಜರಾಗಿ ದೂರು ಸಲ್ಲಿಸಿ ಪರಿಹಾರ ಪಡೆಯಬಹುದು ಎಂದು ಜೆಸ್ಕಾಂ ಉಪವಿಭಾಗ-2 ಸಹಾಯಕ ಕಾರ್ಯನಿರ್ವಾಹಕ ಅಭಿಯಂತರರು ಪ್ರಕಟಣೆಯಲ್ಲಿ ತಿಳಿಸಿದ್ದಾರೆ.
